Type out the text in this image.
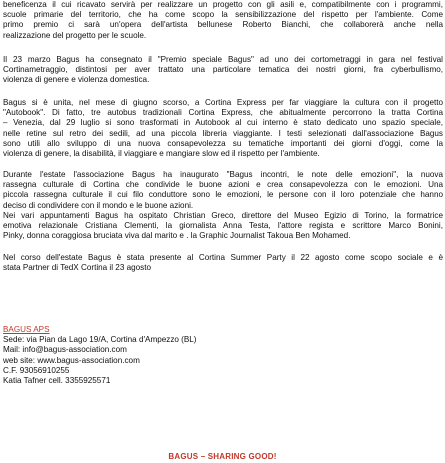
beneficenza il cui ricavato servirà per realizzare un progetto con gli asili e, compatibilmente con i programmi,
scuole primarie del territorio, che ha come scopo la sensibilizzazione del rispetto per l'ambiente. Come
primo premio ci sarà un'opera dell'artista bellunese Roberto Bianchi, che collaborerà anche nella
realizzazione del progetto per le scuole.

Il 23 marzo Bagus ha consegnato il "Premio speciale Bagus" ad uno dei cortometraggi in gara nel festival
Cortinametraggio, distintosi per aver trattato una particolare tematica dei nostri giorni, fra cyberbullismo,
violenza di genere e violenza domestica.

Bagus si è unita, nel mese di giugno scorso, a Cortina Express per far viaggiare la cultura con il progetto
"Autobook". Di fatto, tre autobus tradizionali Cortina Express, che abitualmente percorrono la tratta Cortina
– Venezia, dal 29 luglio si sono trasformati in Autobook al cui interno è stato dedicato uno spazio speciale,
nelle retine sul retro dei sedili, ad una piccola libreria viaggiante. I testi selezionati dall'associazione Bagus
sono utili allo sviluppo di una nuova consapevolezza su tematiche importanti dei giorni d'oggi, come la
violenza di genere, la disabilità, il viaggiare e mangiare slow ed il rispetto per l'ambiente.

Durante l'estate l'associazione Bagus ha inaugurato "Bagus incontri, le note delle emozioni", la nuova
rassegna culturale di Cortina che condivide le buone azioni e crea consapevolezza con le emozioni. Una
piccola rassegna culturale il cui filo conduttore sono le emozioni, le persone con il loro potenziale che hanno
deciso di condividere con il mondo e le buone azioni.
Nei vari appuntamenti Bagus ha ospitato Christian Greco, direttore del Museo Egizio di Torino, la formatrice
emotiva relazionale Cristiana Clementi, la giornalista Anna Testa, l'attore regista e scrittore Marco Bonini,
Pinky, donna coraggiosa bruciata viva dal marito e . la Graphic Journalist Takoua Ben Mohamed.

Nel corso dell'estate Bagus è stata presente al Cortina Summer Party il 22 agosto come scopo sociale e è
stata Partner di TedX Cortina il 23 agosto

BAGUS APS
Sede: via Pian da Lago 19/A, Cortina d'Ampezzo (BL)
Mail: info@bagus-association.com
web site: www.bagus-association.com
C.F. 93056910255
Katia Tafner cell. 3355925571
BAGUS – SHARING GOOD!
